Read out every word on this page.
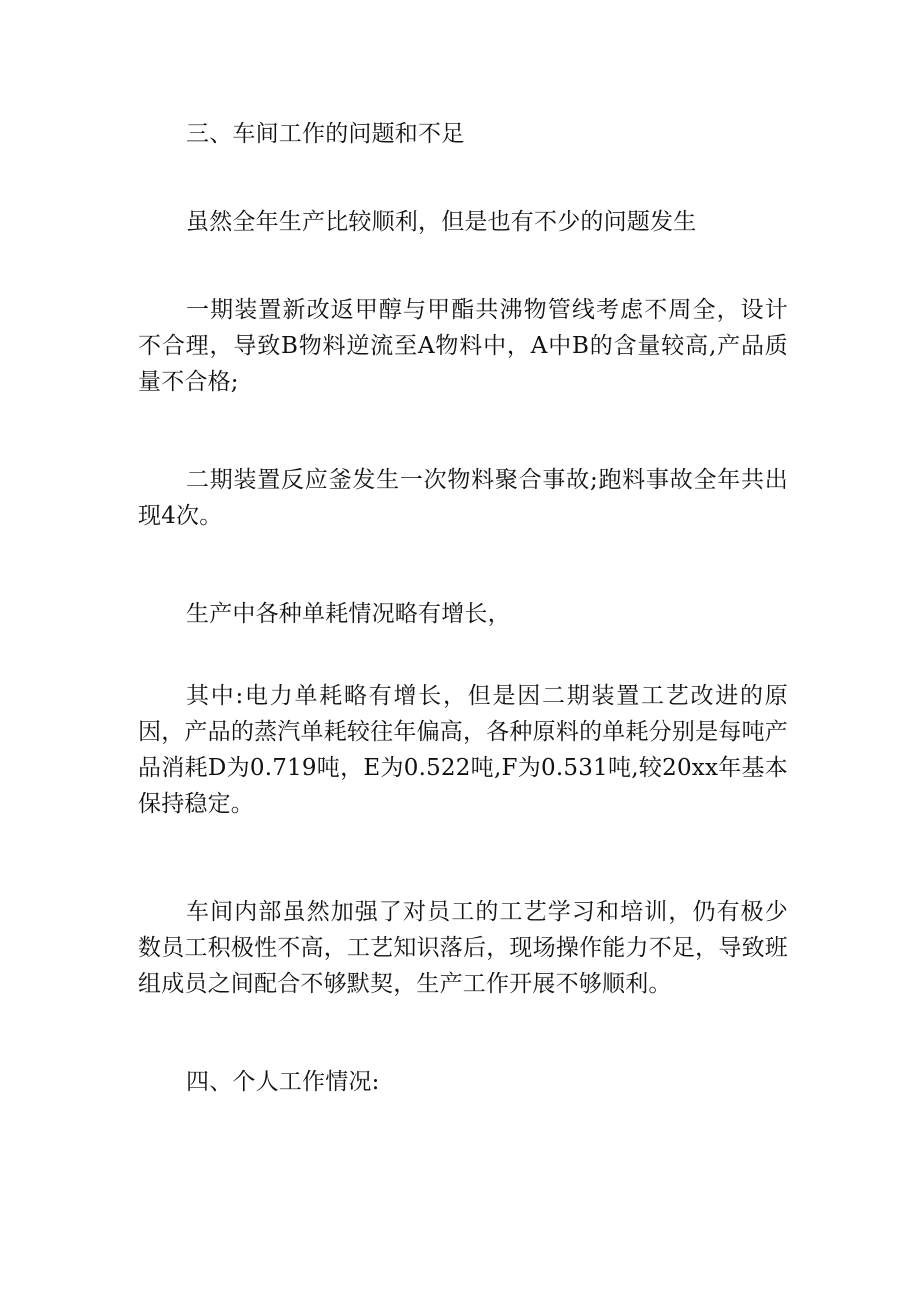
三、车间工作的问题和不足

虽然全年生产比较顺利，但是也有不少的问题发生

一期装置新改返甲醇与甲酯共沸物管线考虑不周全，设计不合理，导致B物料逆流至A物料中，A中B的含量较高,产品质量不合格;

二期装置反应釜发生一次物料聚合事故;跑料事故全年共出现4次。

生产中各种单耗情况略有增长，

其中:电力单耗略有增长，但是因二期装置工艺改进的原因，产品的蒸汽单耗较往年偏高，各种原料的单耗分别是每吨产品消耗D为0.719吨，E为0.522吨,F为0.531吨,较20xx年基本保持稳定。

车间内部虽然加强了对员工的工艺学习和培训，仍有极少数员工积极性不高，工艺知识落后，现场操作能力不足，导致班组成员之间配合不够默契，生产工作开展不够顺利。

四、个人工作情况:
